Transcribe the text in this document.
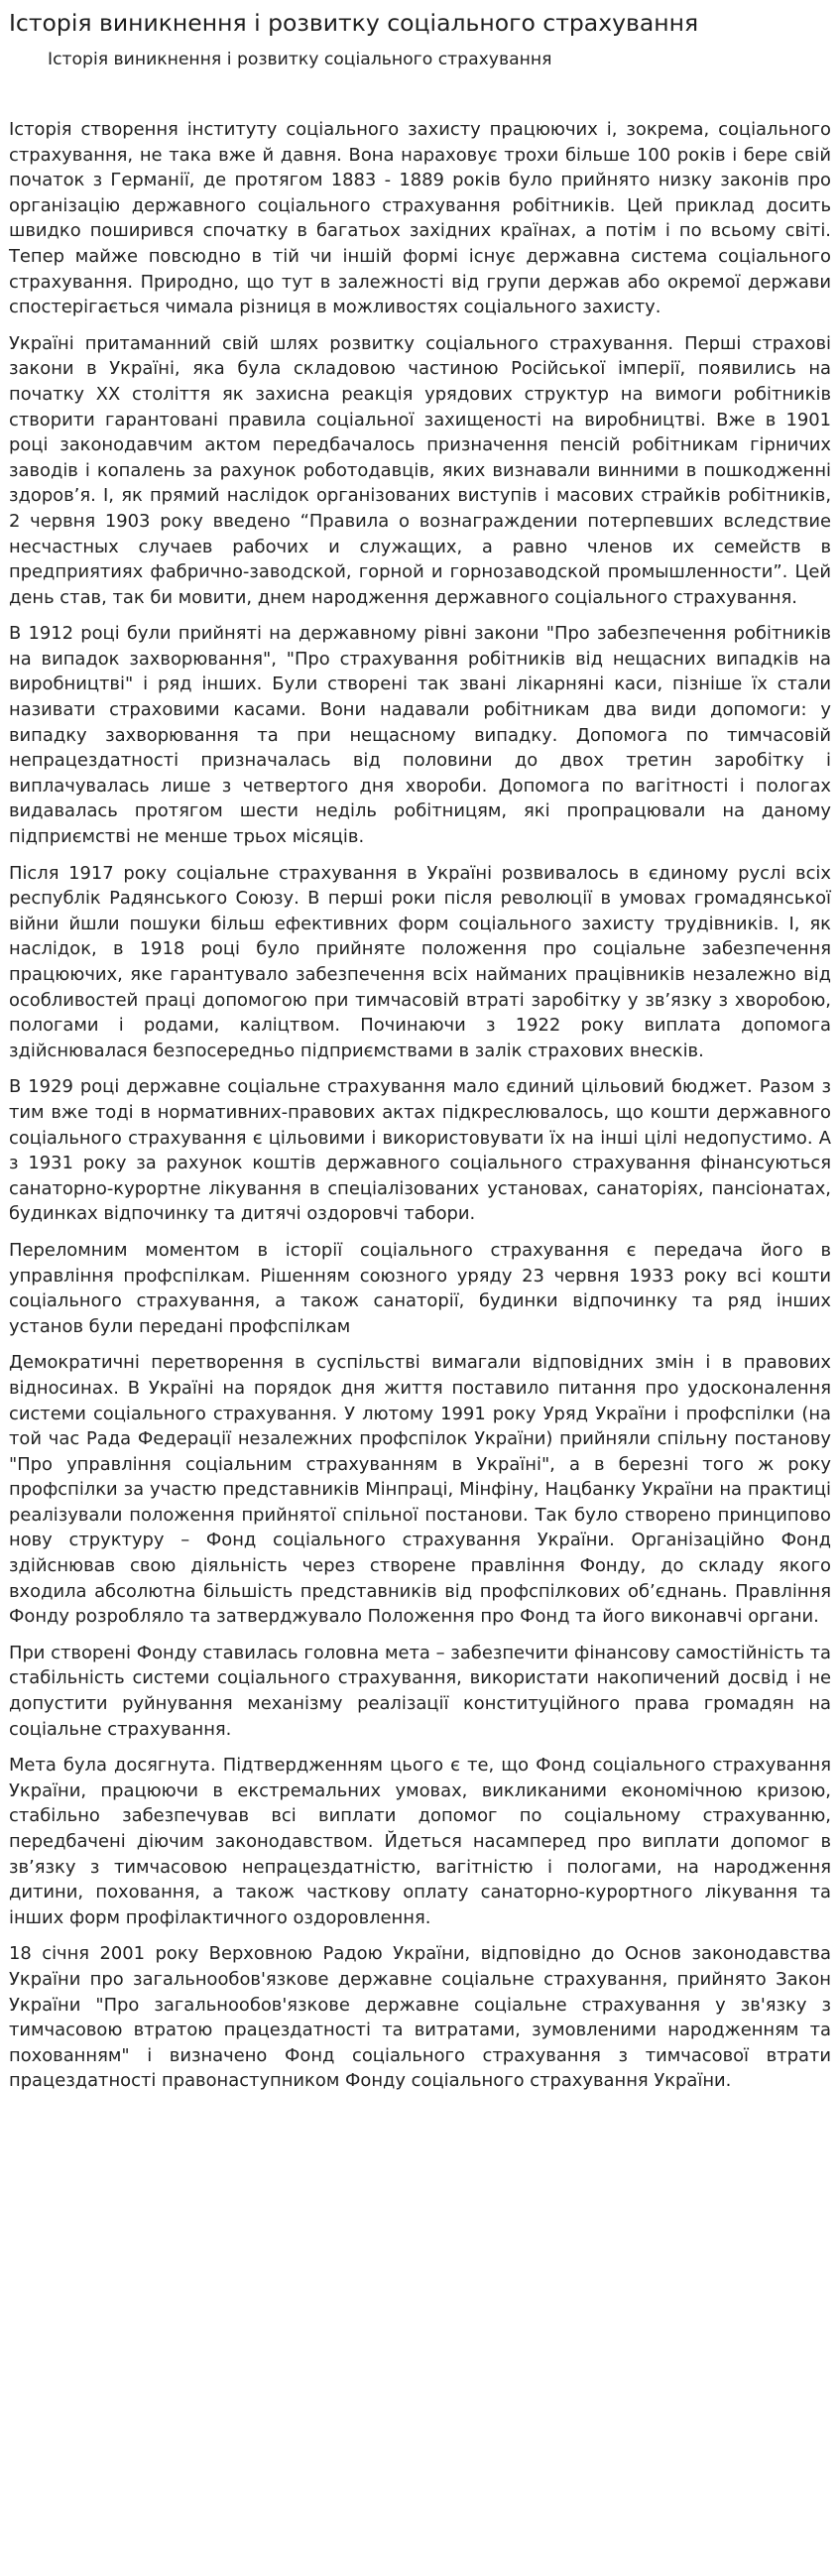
Історія виникнення і розвитку соціального страхування
Історія виникнення і розвитку соціального страхування

Історія створення інституту соціального захисту працюючих і, зокрема, соціального страхування, не така вже й давня. Вона нараховує трохи більше 100 років і бере свій початок з Германії, де протягом 1883 - 1889 років було прийнято низку законів про організацію державного соціального страхування робітників. Цей приклад досить швидко поширився спочатку в багатьох західних країнах, а потім і по всьому світі. Тепер майже повсюдно в тій чи іншій формі існує державна система соціального страхування. Природно, що тут в залежності від групи держав або окремої держави спостерігається чимала різниця в можливостях соціального захисту.

Україні притаманний свій шлях розвитку соціального страхування. Перші страхові закони в Україні, яка була складовою частиною Російської імперії, появились на початку ХХ століття як захисна реакція урядових структур на вимоги робітників створити гарантовані правила соціальної захищеності на виробництві. Вже в 1901 році законодавчим актом передбачалось призначення пенсій робітникам гірничих заводів і копалень за рахунок роботодавців, яких визнавали винними в пошкодженні здоров’я. І, як прямий наслідок організованих виступів і масових страйків робітників, 2 червня 1903 року введено “Правила о вознаграждении потерпевших вследствие несчастных случаев рабочих и служащих, а равно членов их семейств в предприятиях фабрично-заводской, горной и горнозаводской промышленности”. Цей день став, так би мовити, днем народження державного соціального страхування.

В 1912 році були прийняті на державному рівні закони "Про забезпечення робітників на випадок захворювання", "Про страхування робітників від нещасних випадків на виробництві" і ряд інших. Були створені так звані лікарняні каси, пізніше їх стали називати страховими касами. Вони надавали робітникам два види допомоги: у випадку захворювання та при нещасному випадку. Допомога по тимчасовій непрацездатності призначалась від половини до двох третин заробітку і виплачувалась лише з четвертого дня хвороби. Допомога по вагітності і пологах видавалась протягом шести неділь робітницям, які пропрацювали на даному підприємстві не менше трьох місяців.

Після 1917 року соціальне страхування в Україні розвивалось в єдиному руслі всіх республік Радянського Союзу. В перші роки після революції в умовах громадянської війни йшли пошуки більш ефективних форм соціального захисту трудівників. І, як наслідок, в 1918 році було прийняте положення про соціальне забезпечення працюючих, яке гарантувало забезпечення всіх найманих працівників незалежно від особливостей праці допомогою при тимчасовій втраті заробітку у зв’язку з хворобою, пологами і родами, каліцтвом. Починаючи з 1922 року виплата допомога здійснювалася безпосередньо підприємствами в залік страхових внесків.

В 1929 році державне соціальне страхування мало єдиний цільовий бюджет. Разом з тим вже тоді в нормативних-правових актах підкреслювалось, що кошти державного соціального страхування є цільовими і використовувати їх на інші цілі недопустимо. А з 1931 року за рахунок коштів державного соціального страхування фінансуються санаторно-курортне лікування в спеціалізованих установах, санаторіях, пансіонатах, будинках відпочинку та дитячі оздоровчі табори.

Переломним моментом в історії соціального страхування є передача його в управління профспілкам. Рішенням союзного уряду 23 червня 1933 року всі кошти соціального страхування, а також санаторії, будинки відпочинку та ряд інших установ були передані профспілкам

Демократичні перетворення в суспільстві вимагали відповідних змін і в правових відносинах. В Україні на порядок дня життя поставило питання про удосконалення системи соціального страхування. У лютому 1991 року Уряд України і профспілки (на той час Рада Федерації незалежних профспілок України) прийняли спільну постанову "Про управління соціальним страхуванням в Україні", а в березні того ж року профспілки за участю представників Мінпраці, Мінфіну, Нацбанку України на практиці реалізували положення прийнятої спільної постанови. Так було створено принципово нову структуру – Фонд соціального страхування України. Організаційно Фонд здійснював свою діяльність через створене правління Фонду, до складу якого входила абсолютна більшість представників від профспілкових об’єднань. Правління Фонду розробляло та затверджувало Положення про Фонд та його виконавчі органи.

При створені Фонду ставилась головна мета – забезпечити фінансову самостійність та стабільність системи соціального страхування, використати накопичений досвід і не допустити руйнування механізму реалізації конституційного права громадян на соціальне страхування.

Мета була досягнута. Підтвердженням цього є те, що Фонд соціального страхування України, працюючи в екстремальних умовах, викликаними економічною кризою, стабільно забезпечував всі виплати допомог по соціальному страхуванню, передбачені діючим законодавством. Йдеться насамперед про виплати допомог в зв’язку з тимчасовою непрацездатністю, вагітністю і пологами, на народження дитини, поховання, а також часткову оплату санаторно-курортного лікування та інших форм профілактичного оздоровлення.

18 січня 2001 року Верховною Радою України, відповідно до Основ законодавства України про загальнообов'язкове державне соціальне страхування, прийнято Закон України "Про загальнообов'язкове державне соціальне страхування у зв'язку з тимчасовою втратою працездатності та витратами, зумовленими народженням та похованням" і визначено Фонд соціального страхування з тимчасової втрати працездатності правонаступником Фонду соціального страхування України.
